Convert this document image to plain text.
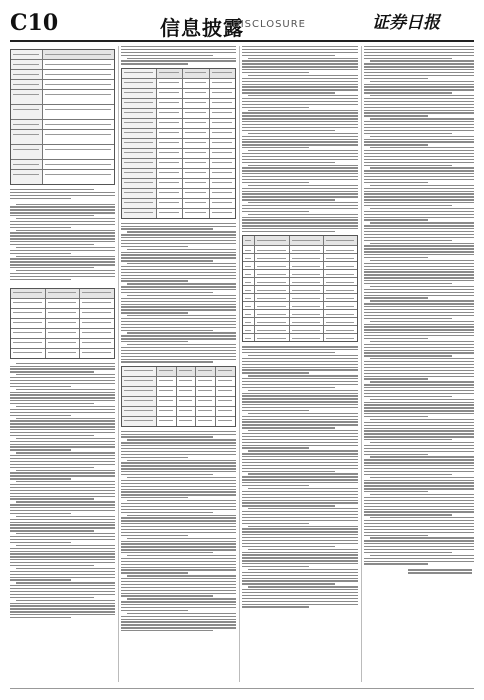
C10	信息披露
DISCLOSURE	证券日报
